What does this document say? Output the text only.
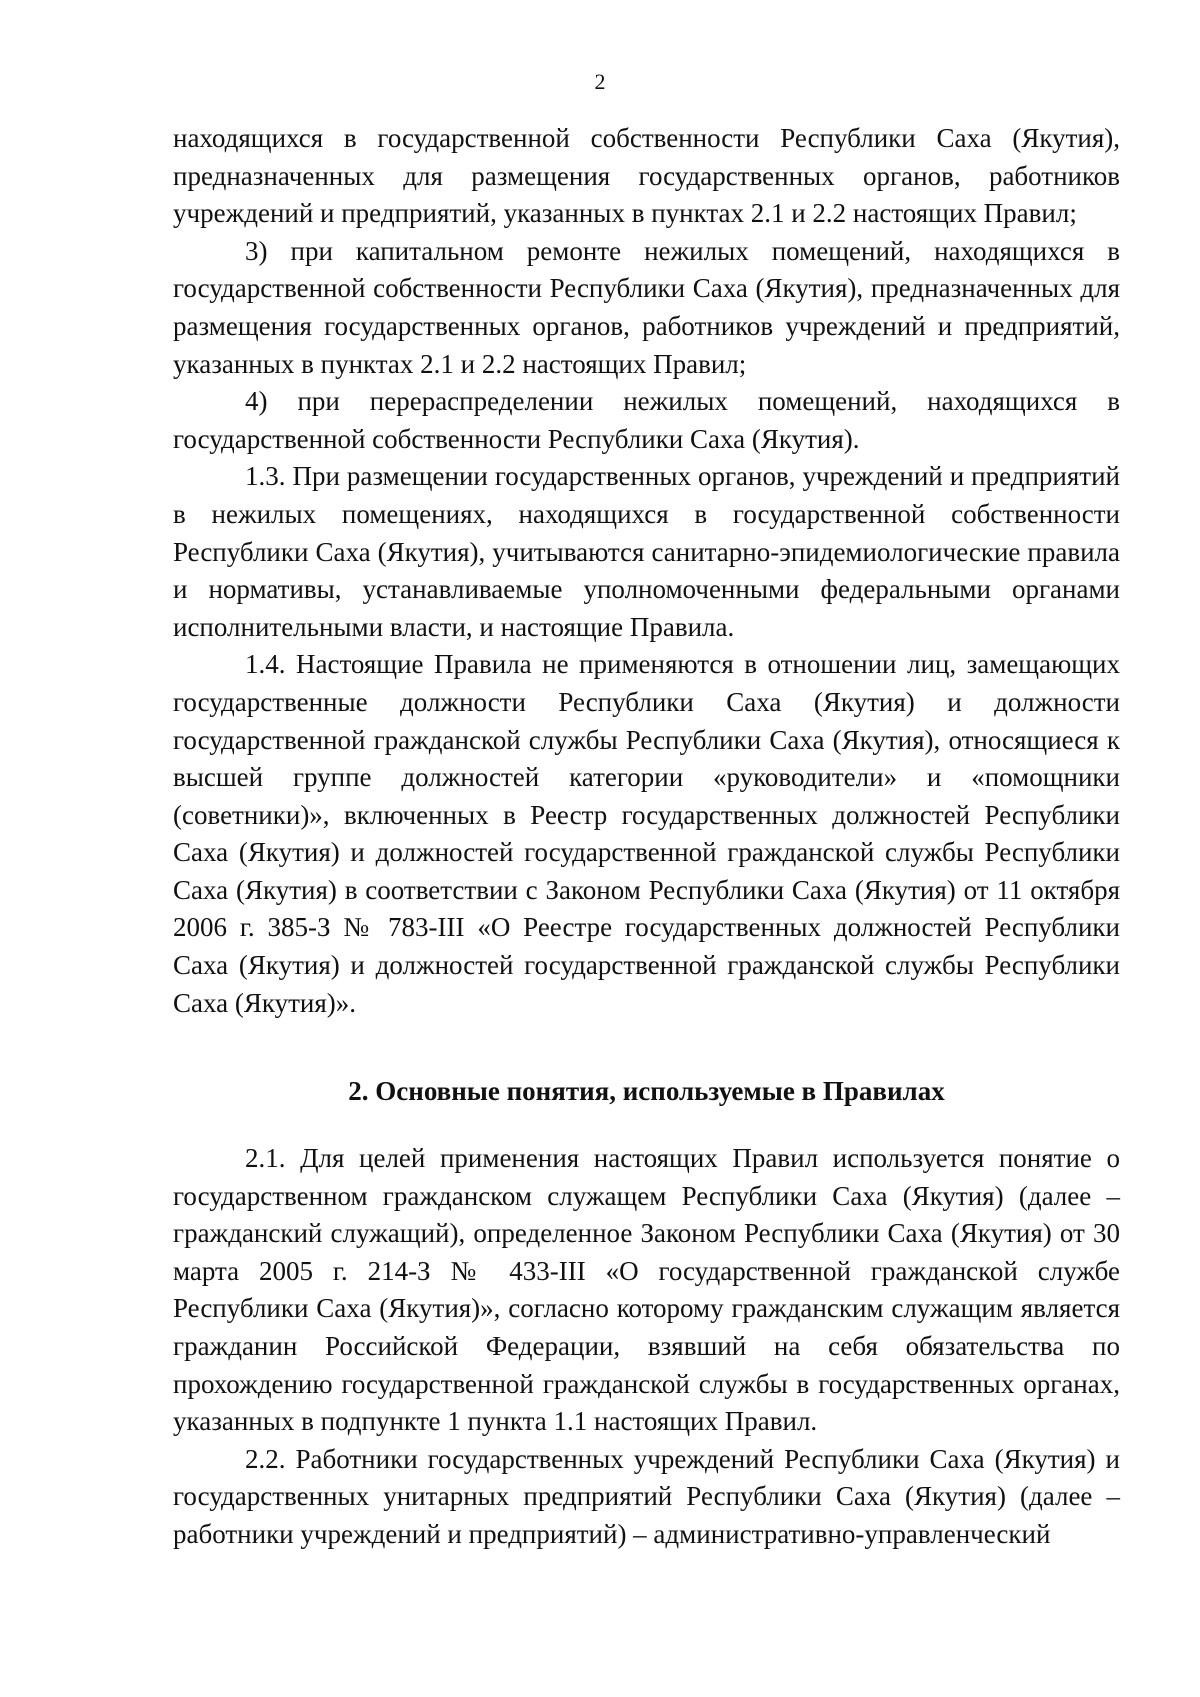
2

находящихся в государственной собственности Республики Саха (Якутия), предназначенных для размещения государственных органов, работников учреждений и предприятий, указанных в пунктах 2.1 и 2.2 настоящих Правил;

3) при капитальном ремонте нежилых помещений, находящихся в государственной собственности Республики Саха (Якутия), предназначенных для размещения государственных органов, работников учреждений и предприятий, указанных в пунктах 2.1 и 2.2 настоящих Правил;

4) при перераспределении нежилых помещений, находящихся в государственной собственности Республики Саха (Якутия).

1.3. При размещении государственных органов, учреждений и предприятий в нежилых помещениях, находящихся в государственной собственности Республики Саха (Якутия), учитываются санитарно-эпидемиологические правила и нормативы, устанавливаемые уполномоченными федеральными органами исполнительными власти, и настоящие Правила.

1.4. Настоящие Правила не применяются в отношении лиц, замещающих государственные должности Республики Саха (Якутия) и должности государственной гражданской службы Республики Саха (Якутия), относящиеся к высшей группе должностей категории «руководители» и «помощники (советники)», включенных в Реестр государственных должностей Республики Саха (Якутия) и должностей государственной гражданской службы Республики Саха (Якутия) в соответствии с Законом Республики Саха (Якутия) от 11 октября 2006 г. 385-З № 783-III «О Реестре государственных должностей Республики Саха (Якутия) и должностей государственной гражданской службы Республики Саха (Якутия)».

2. Основные понятия, используемые в Правилах

2.1. Для целей применения настоящих Правил используется понятие о государственном гражданском служащем Республики Саха (Якутия) (далее – гражданский служащий), определенное Законом Республики Саха (Якутия) от 30 марта 2005 г. 214-З № 433-III «О государственной гражданской службе Республики Саха (Якутия)», согласно которому гражданским служащим является гражданин Российской Федерации, взявший на себя обязательства по прохождению государственной гражданской службы в государственных органах, указанных в подпункте 1 пункта 1.1 настоящих Правил.

2.2. Работники государственных учреждений Республики Саха (Якутия) и государственных унитарных предприятий Республики Саха (Якутия) (далее – работники учреждений и предприятий) – административно-управленческий
